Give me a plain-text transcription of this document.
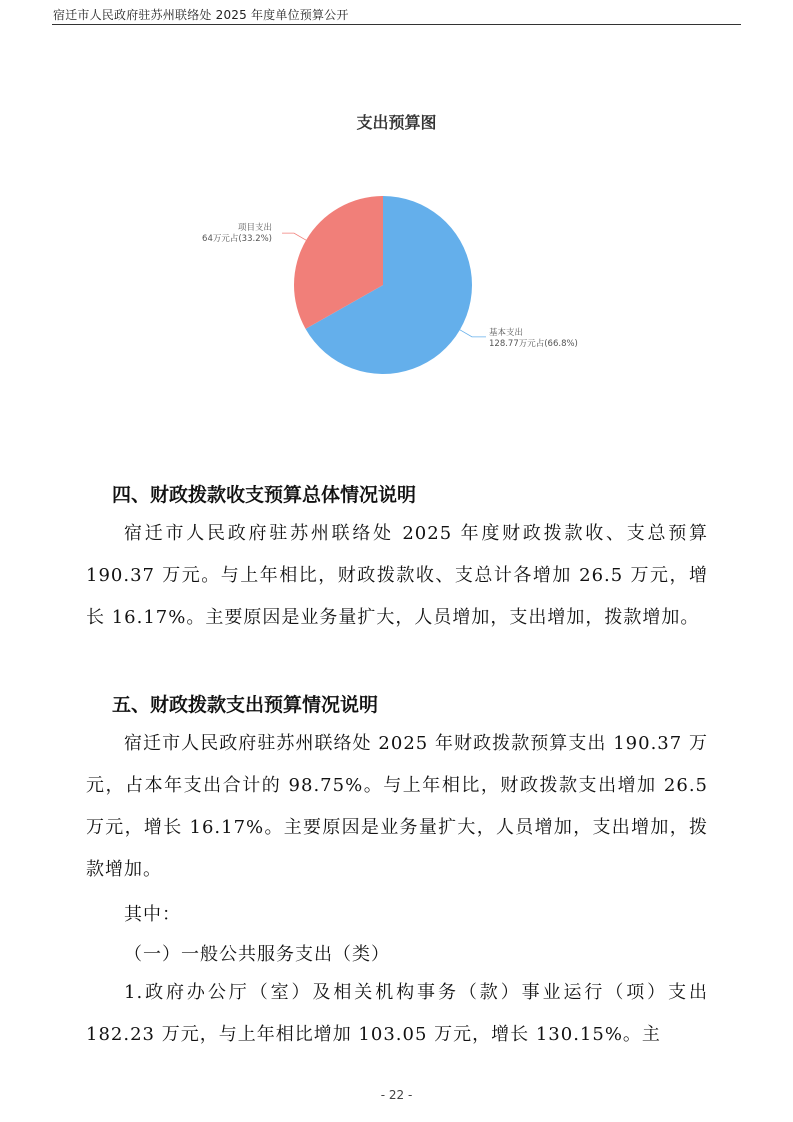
宿迁市人民政府驻苏州联络处 2025 年度单位预算公开
支出预算图
基本支出
128.77万元占(66.8%)
项目支出
64万元占(33.2%)
四、财政拨款收支预算总体情况说明
宿迁市人民政府驻苏州联络处 2025 年度财政拨款收、支总预算 190.37 万元。与上年相比，财政拨款收、支总计各增加 26.5 万元，增长 16.17%。主要原因是业务量扩大，人员增加，支出增加，拨款增加。
五、财政拨款支出预算情况说明
宿迁市人民政府驻苏州联络处 2025 年财政拨款预算支出 190.37 万元，占本年支出合计的 98.75%。与上年相比，财政拨款支出增加 26.5 万元，增长 16.17%。主要原因是业务量扩大，人员增加，支出增加，拨款增加。
其中：
（一）一般公共服务支出（类）
1.政府办公厅（室）及相关机构事务（款）事业运行（项）支出 182.23 万元，与上年相比增加 103.05 万元，增长 130.15%。主
- 22 -
